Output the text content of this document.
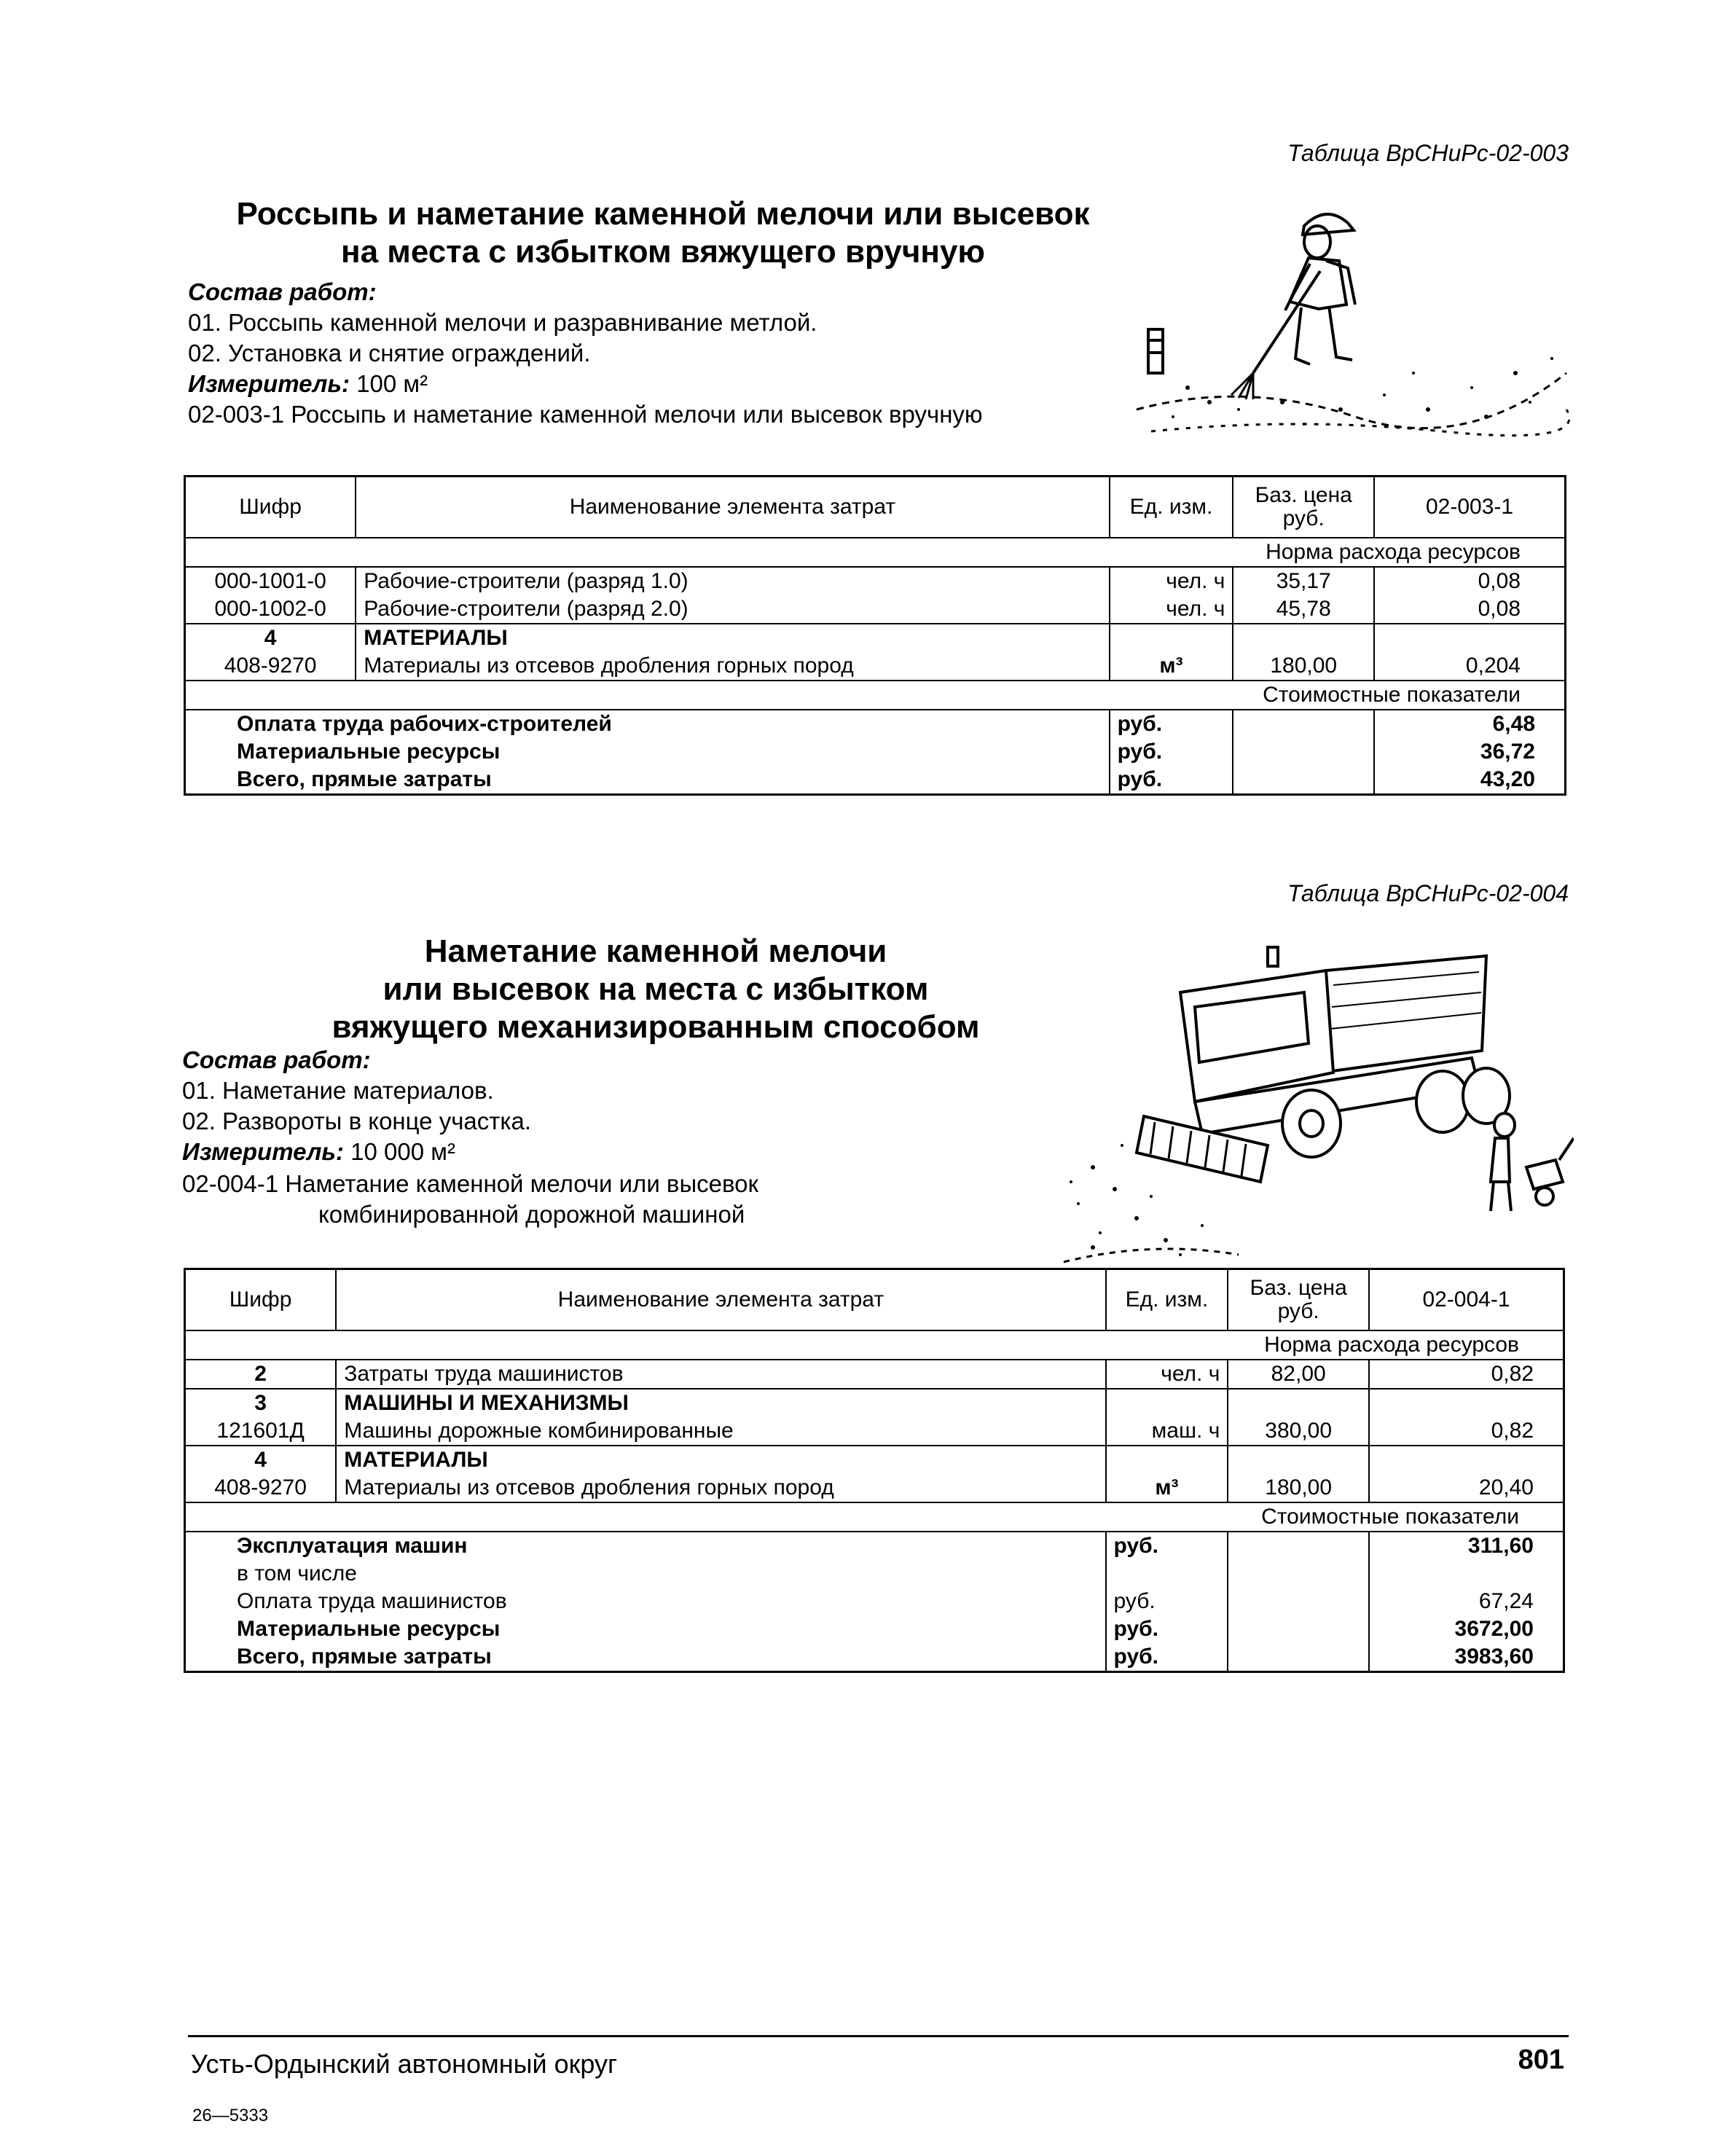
Таблица ВрСНиРс-02-003
Россыпь и наметание каменной мелочи или высевок
на места с избытком вяжущего вручную
Состав работ:
01. Россыпь каменной мелочи и разравнивание метлой.
02. Установка и снятие ограждений.
Измеритель: 100 м²
02-003-1 Россыпь и наметание каменной мелочи или высевок вручную
Шифр	Наименование элемента затрат	Ед. изм.	Баз. цена руб.	02-003-1
Норма расхода ресурсов				
000-1001-0	Рабочие-строители (разряд 1.0)	чел. ч	35,17	0,08
000-1002-0	Рабочие-строители (разряд 2.0)	чел. ч	45,78	0,08
4	МАТЕРИАЛЫ			
408-9270	Материалы из отсевов дробления горных пород	м³	180,00	0,204
Стоимостные показатели				
Оплата труда рабочих-строителей		руб.		6,48
Материальные ресурсы		руб.		36,72
Всего, прямые затраты		руб.		43,20
Таблица ВрСНиРс-02-004
Наметание каменной мелочи
или высевок на места с избытком
вяжущего механизированным способом
Состав работ:
01. Наметание материалов.
02. Развороты в конце участка.
Измеритель: 10 000 м²
02-004-1 Наметание каменной мелочи или высевок
комбинированной дорожной машиной
Шифр	Наименование элемента затрат	Ед. изм.	Баз. цена руб.	02-004-1
Норма расхода ресурсов				
2	Затраты труда машинистов	чел. ч	82,00	0,82
3	МАШИНЫ И МЕХАНИЗМЫ			
121601Д	Машины дорожные комбинированные	маш. ч	380,00	0,82
4	МАТЕРИАЛЫ			
408-9270	Материалы из отсевов дробления горных пород	м³	180,00	20,40
Стоимостные показатели				
Эксплуатация машин		руб.		311,60
в том числе				
Оплата труда машинистов		руб.		67,24
Материальные ресурсы		руб.		3672,00
Всего, прямые затраты		руб.		3983,60
Усть-Ордынский автономный округ	801
26—5333
